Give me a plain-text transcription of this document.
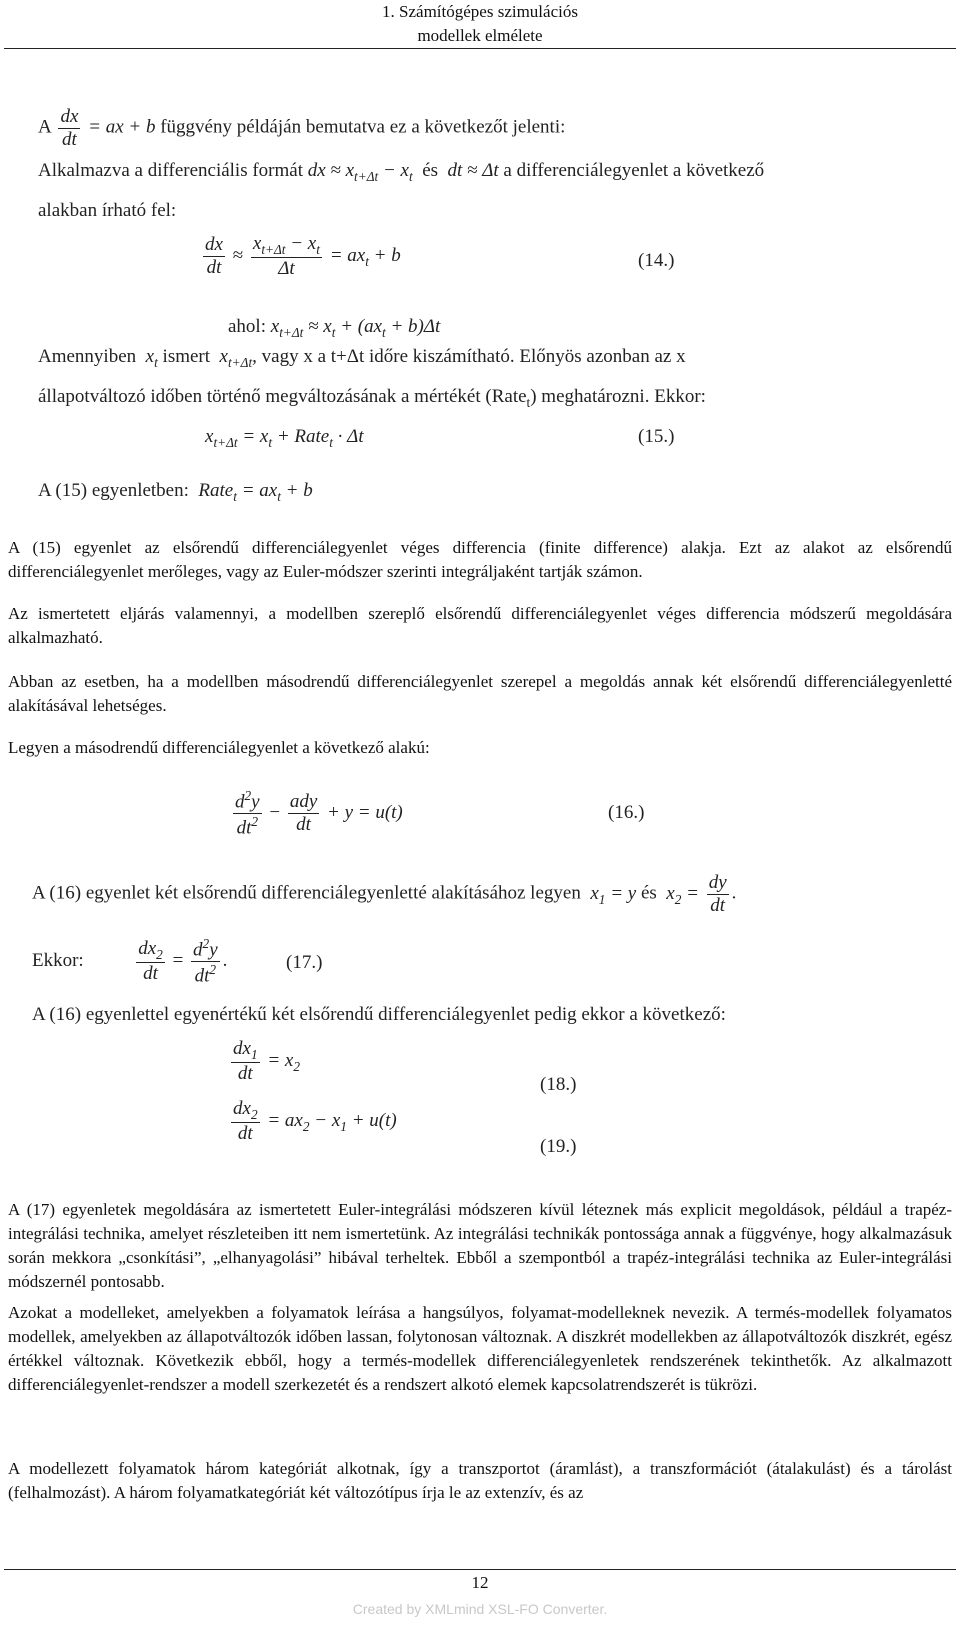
1. Számítógépes szimulációs
modellek elmélete
A $\frac{dx}{dt}$ = ax + b függvény példáján bemutatva ez a következőt jelenti:
Alkalmazva a differenciális formát dx ≈ $x_{t+\Delta t} - x_t$ és dt ≈ Δt a differenciálegyenlet a következő
alakban írható fel:
$\frac{dx}{dt} \approx \frac{x_{t+\Delta t} - x_t}{\Delta t} = ax_t + b$	(14.)
ahol: $x_{t+\Delta t} \approx x_t + (ax_t + b)\Delta t$
Amennyiben  $x_t$ ismert  $x_{t+\Delta t}$, vagy x a t+Δt időre kiszámítható. Előnyös azonban az x
állapotváltozó időben történő megváltozásának a mértékét (Rate$_t$) meghatározni. Ekkor:
$x_{t+\Delta t} = x_t$ + Rate$_t$ · Δt	(15.)
A (15) egyenletben:  Rate$_t$ = $ax_t + b$
A (15) egyenlet az elsőrendű differenciálegyenlet véges differencia (finite difference) alakja. Ezt az alakot az elsőrendű differenciálegyenlet merőleges, vagy az Euler-módszer szerinti integráljaként tartják számon.
Az ismertetett eljárás valamennyi, a modellben szereplő elsőrendű differenciálegyenlet véges differencia módszerű megoldására alkalmazható.
Abban az esetben, ha a modellben másodrendű differenciálegyenlet szerepel a megoldás annak két elsőrendű differenciálegyenletté alakításával lehetséges.
Legyen a másodrendű differenciálegyenlet a következő alakú:
$\frac{d^2y}{dt^2} - \frac{\text{ady}}{dt} + y = u(t)$	(16.)
A (16) egyenlet két elsőrendű differenciálegyenletté alakításához legyen  $x_1 = y$ és  $x_2 = \frac{dy}{dt}$ .
Ekkor:	$\frac{dx_2}{dt} = \frac{d^2y}{dt^2}$ .	(17.)
A (16) egyenlettel egyenértékű két elsőrendű differenciálegyenlet pedig ekkor a következő:
$\frac{dx_1}{dt} = x_2$
(18.)
$\frac{dx_2}{dt} = ax_2 - x_1 + u(t)$
(19.)
A (17) egyenletek megoldására az ismertetett Euler-integrálási módszeren kívül léteznek más explicit megoldások, például a trapéz-integrálási technika, amelyet részleteiben itt nem ismertetünk. Az integrálási technikák pontossága annak a függvénye, hogy alkalmazásuk során mekkora „csonkítási”, „elhanyagolási” hibával terheltek. Ebből a szempontból a trapéz-integrálási technika az Euler-integrálási módszernél pontosabb.
Azokat a modelleket, amelyekben a folyamatok leírása a hangsúlyos, folyamat-modelleknek nevezik. A termés-modellek folyamatos modellek, amelyekben az állapotváltozók időben lassan, folytonosan változnak. A diszkrét modellekben az állapotváltozók diszkrét, egész értékkel változnak. Következik ebből, hogy a termés-modellek differenciálegyenletek rendszerének tekinthetők. Az alkalmazott differenciálegyenlet-rendszer a modell szerkezetét és a rendszert alkotó elemek kapcsolatrendszerét is tükrözi.
A modellezett folyamatok három kategóriát alkotnak, így a transzportot (áramlást), a transzformációt (átalakulást) és a tárolást (felhalmozást). A három folyamatkategóriát két változótípus írja le az extenzív, és az
12
Created by XMLmind XSL-FO Converter.
